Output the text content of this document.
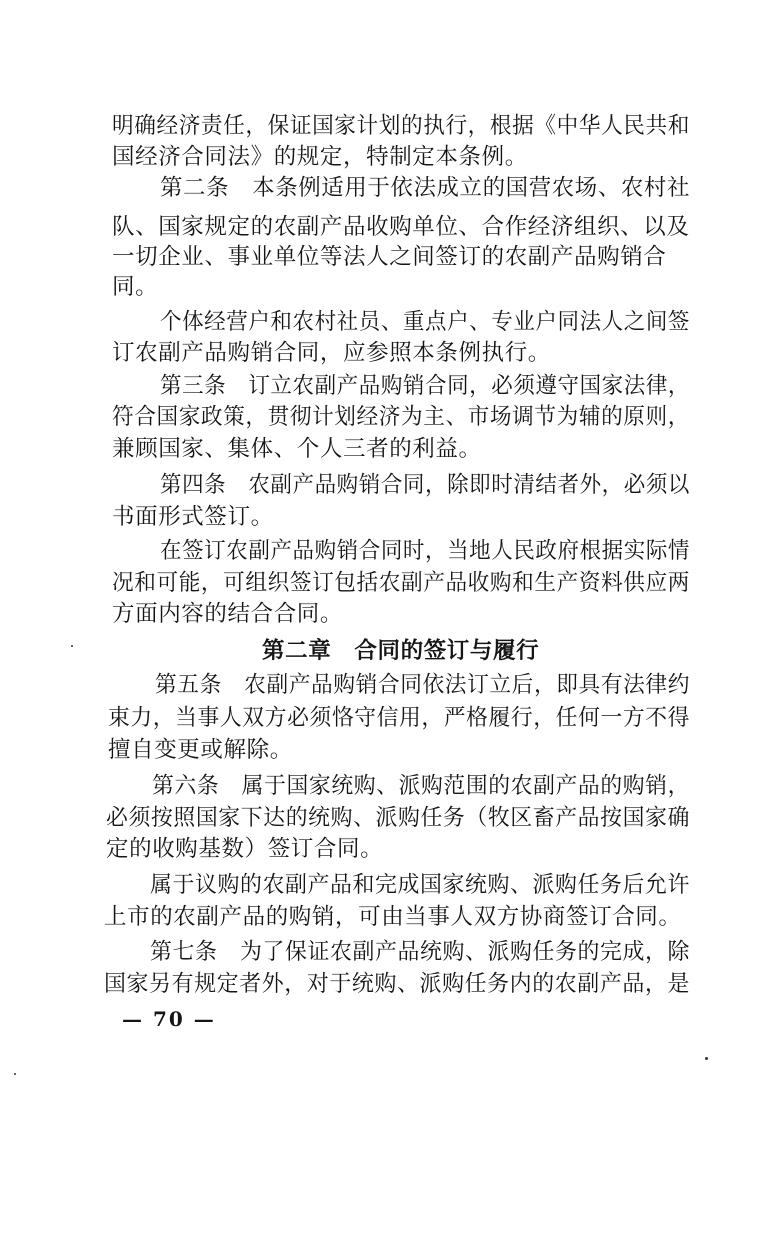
明确经济责任，保证国家计划的执行，根据《中华人民共和
国经济合同法》的规定，特制定本条例。
第二条　本条例适用于依法成立的国营农场、农村社
队、国家规定的农副产品收购单位、合作经济组织、以及
一切企业、事业单位等法人之间签订的农副产品购销合
同。
个体经营户和农村社员、重点户、专业户同法人之间签
订农副产品购销合同，应参照本条例执行。
第三条　订立农副产品购销合同，必须遵守国家法律，
符合国家政策，贯彻计划经济为主、市场调节为辅的原则，
兼顾国家、集体、个人三者的利益。
第四条　农副产品购销合同，除即时清结者外，必须以
书面形式签订。
在签订农副产品购销合同时，当地人民政府根据实际情
况和可能，可组织签订包括农副产品收购和生产资料供应两
方面内容的结合合同。
第二章　合同的签订与履行
第五条　农副产品购销合同依法订立后，即具有法律约
束力，当事人双方必须恪守信用，严格履行，任何一方不得
擅自变更或解除。
第六条　属于国家统购、派购范围的农副产品的购销，
必须按照国家下达的统购、派购任务（牧区畜产品按国家确
定的收购基数）签订合同。
属于议购的农副产品和完成国家统购、派购任务后允许
上市的农副产品的购销，可由当事人双方协商签订合同。
第七条　为了保证农副产品统购、派购任务的完成，除
国家另有规定者外，对于统购、派购任务内的农副产品，是
— 70 —
